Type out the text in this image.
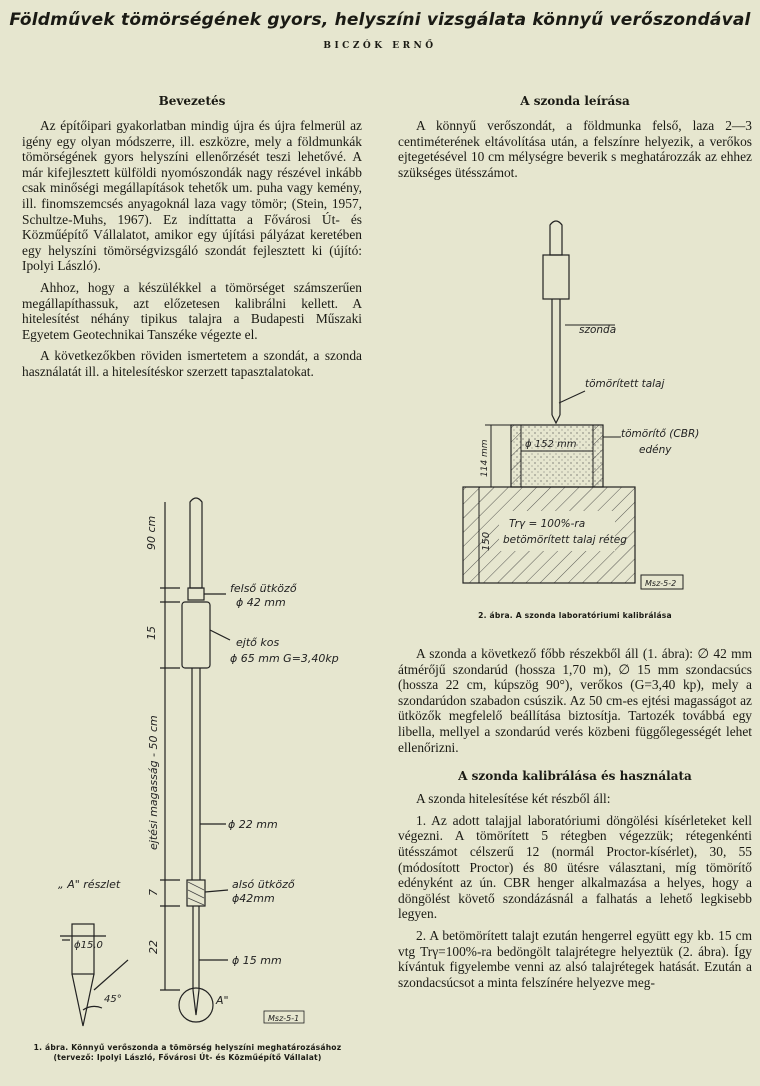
Földművek tömörségének gyors, helyszíni vizsgálata könnyű verőszondával
BICZÓK ERNŐ
Bevezetés

Az építőipari gyakorlatban mindig újra és újra felmerül az igény egy olyan módszerre, ill. eszközre, mely a földmunkák tömörségének gyors helyszíni ellenőrzését teszi lehetővé. A már kifejlesztett külföldi nyomószondák nagy részével inkább csak minőségi megállapítások tehetők um. puha vagy kemény, ill. finomszemcsés anyagoknál laza vagy tömör; (Stein, 1957, Schultze-Muhs, 1967). Ez indíttatta a Fővárosi Út- és Közműépítő Vállalatot, amikor egy újítási pályázat keretében egy helyszíni tömörségvizsgáló szondát fejlesztett ki (újító: Ipolyi László).

Ahhoz, hogy a készülékkel a tömörséget számszerűen megállapíthassuk, azt előzetesen kalibrálni kellett. A hitelesítést néhány tipikus talajra a Budapesti Műszaki Egyetem Geotechnikai Tanszéke végezte el.

A következőkben röviden ismertetem a szondát, a szonda használatát ill. a hitelesítéskor szerzett tapasztalatokat.

90 cm
felső ütköző
ϕ 42 mm
15
ejtő kos
ϕ 65 mm G=3,40kp
ejtési magasság - 50 cm	ϕ 22 mm
„ A" részlet
7
alsó ütköző
ϕ42mm
ϕ15,0	22
ϕ 15 mm
45°	A"
Msz-5-1
1. ábra. Könnyű verőszonda a tömörség helyszíni meghatározásához
(tervező: Ipolyi László, Fővárosi Út- és Közműépítő Vállalat)
A szonda leírása

A könnyű verőszondát, a földmunka felső, laza 2—3 centiméterének eltávolítása után, a felszínre helyezik, a verőkos ejtegetésével 10 cm mélységre beverik s meghatározzák az ehhez szükséges ütésszámot.

szonda
tömörített talaj
tömörítő (CBR)
edény
ϕ 152 mm
114 mm
150
Trγ = 100%-ra
betömörített talaj réteg
Msz-5-2
2. ábra. A szonda laboratóriumi kalibrálása

A szonda a következő főbb részekből áll (1. ábra): ∅ 42 mm átmérőjű szondarúd (hossza 1,70 m), ∅ 15 mm szondacsúcs (hossza 22 cm, kúpszög 90°), verőkos (G=3,40 kp), mely a szondarúdon szabadon csúszik. Az 50 cm-es ejtési magasságot az ütközők megfelelő beállítása biztosítja. Tartozék továbbá egy libella, mellyel a szondarúd verés közbeni függőlegességét lehet ellenőrizni.

A szonda kalibrálása és használata

A szonda hitelesítése két részből áll:

1. Az adott talajjal laboratóriumi döngölési kísérleteket kell végezni. A tömörített 5 rétegben végezzük; rétegenkénti ütésszámot célszerű 12 (normál Proctor-kísérlet), 30, 55 (módosított Proctor) és 80 ütésre választani, míg tömörítő edényként az ún. CBR henger alkalmazása a helyes, hogy a döngölést követő szondázásnál a falhatás a lehető legkisebb legyen.

2. A betömörített talajt ezután hengerrel együtt egy kb. 15 cm vtg Trγ=100%-ra bedöngölt talajrétegre helyeztük (2. ábra). Így kívántuk figyelembe venni az alsó talajrétegek hatását. Ezután a szondacsúcsot a minta felszínére helyezve meg-
